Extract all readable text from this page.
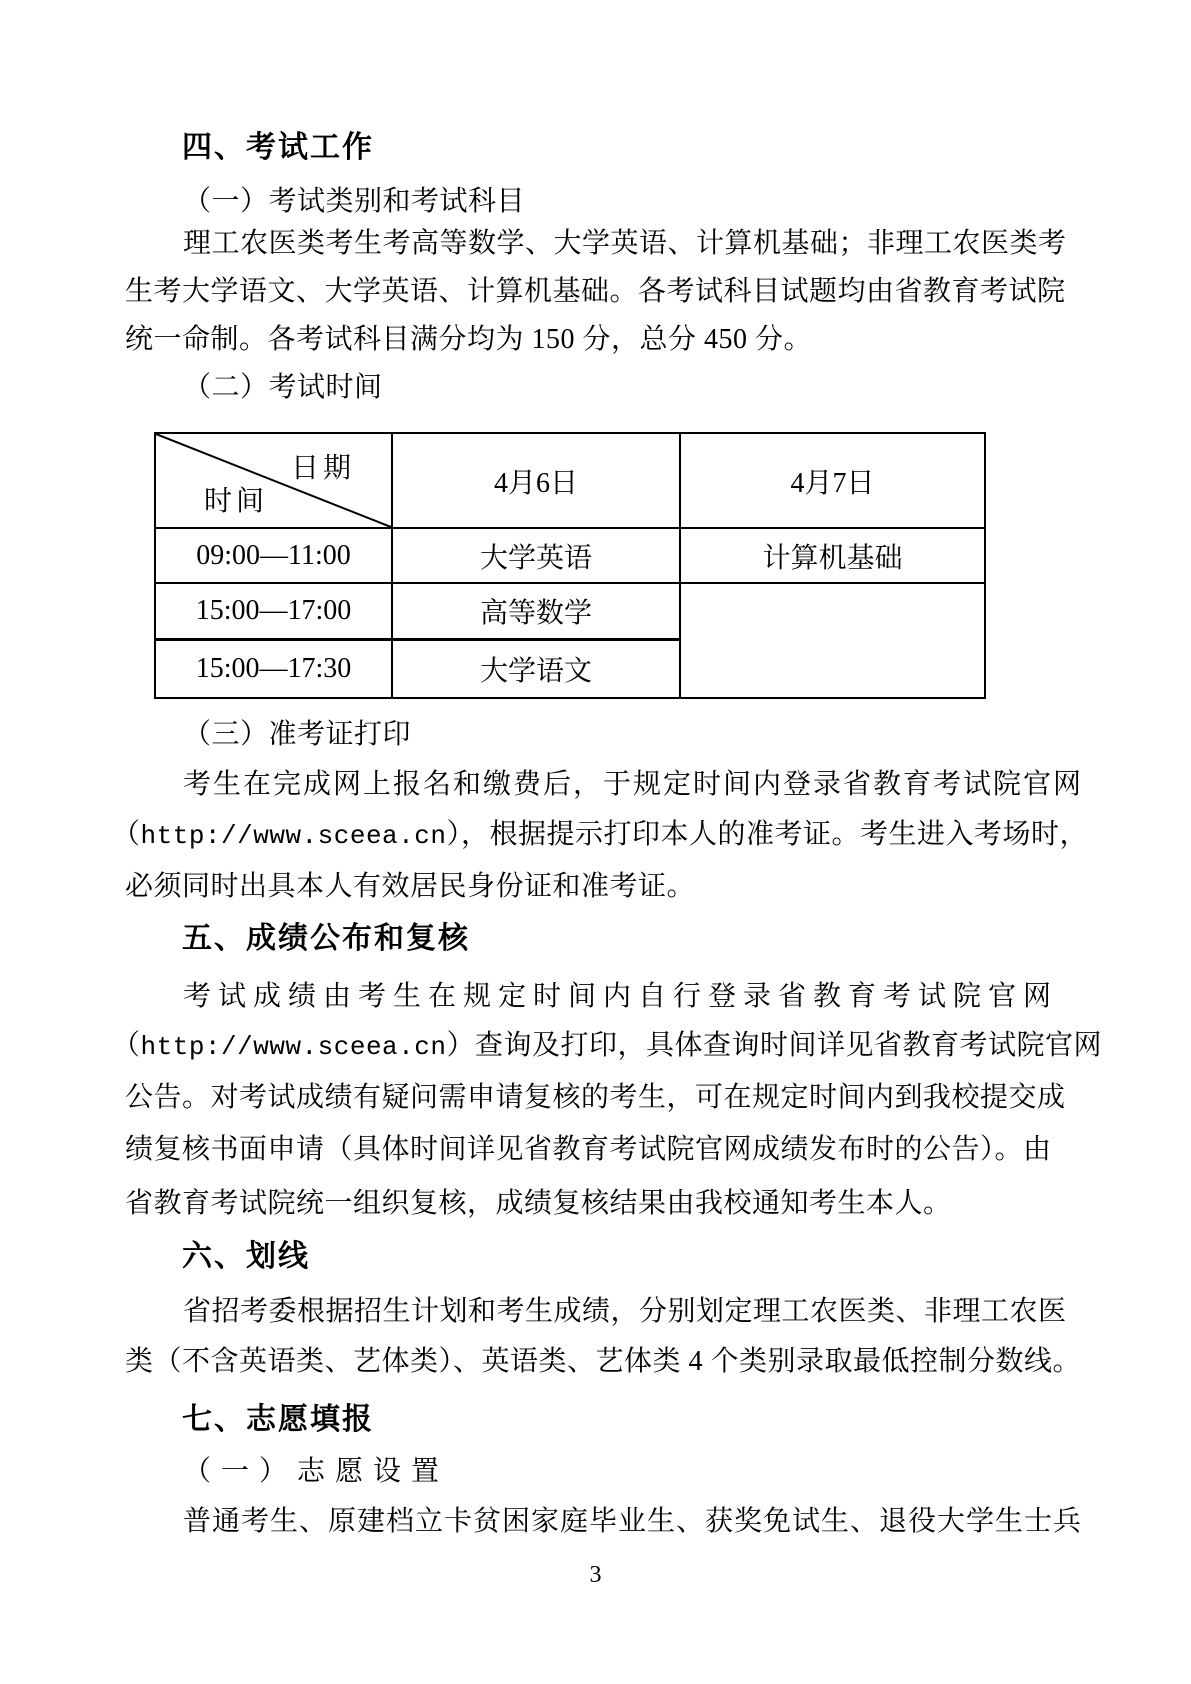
四、考试工作
（一）考试类别和考试科目
理工农医类考生考高等数学、大学英语、计算机基础；非理工农医类考
生考大学语文、大学英语、计算机基础。各考试科目试题均由省教育考试院
统一命制。各考试科目满分均为 150 分，总分 450 分。
（二）考试时间
日期
时间	4月6日	4月7日
09:00—11:00	大学英语	计算机基础
15:00—17:00	高等数学	
15:00—17:30	大学语文	
（三）准考证打印
考生在完成网上报名和缴费后，于规定时间内登录省教育考试院官网
（http://www.sceea.cn），根据提示打印本人的准考证。考生进入考场时，
必须同时出具本人有效居民身份证和准考证。
五、成绩公布和复核
考试成绩由考生在规定时间内自行登录省教育考试院官网
（http://www.sceea.cn）查询及打印，具体查询时间详见省教育考试院官网
公告。对考试成绩有疑问需申请复核的考生，可在规定时间内到我校提交成
绩复核书面申请（具体时间详见省教育考试院官网成绩发布时的公告）。由
省教育考试院统一组织复核，成绩复核结果由我校通知考生本人。
六、划线
省招考委根据招生计划和考生成绩，分别划定理工农医类、非理工农医
类（不含英语类、艺体类）、英语类、艺体类 4 个类别录取最低控制分数线。
七、志愿填报
（一）志愿设置
普通考生、原建档立卡贫困家庭毕业生、获奖免试生、退役大学生士兵
3
